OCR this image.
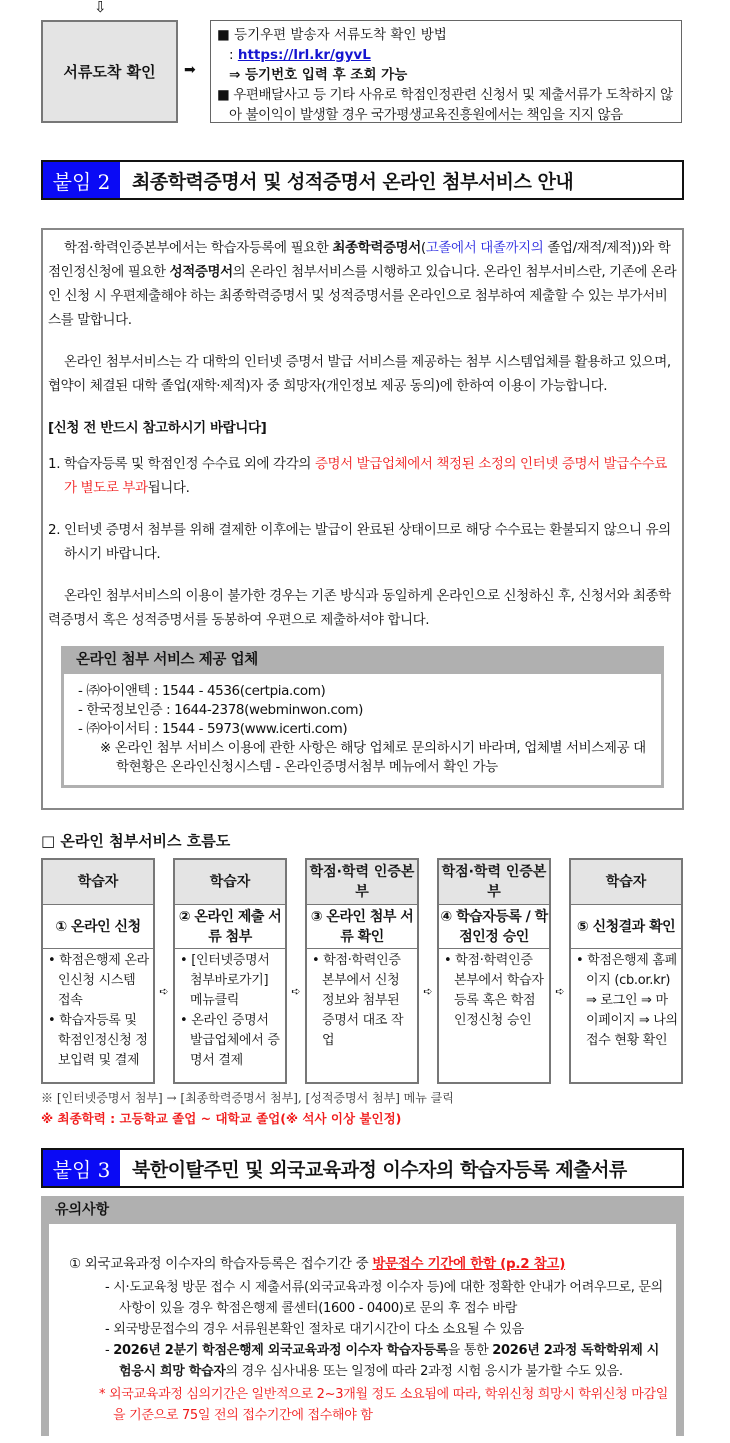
⇩
서류도착 확인	➡
■ 등기우편 발송자 서류도착 확인 방법
: https://lrl.kr/gyvL
⇒ 등기번호 입력 후 조회 가능
■ 우편배달사고 등 기타 사유로 학점인정관련 신청서 및 제출서류가 도착하지 않아 불이익이 발생할 경우 국가평생교육진흥원에서는 책임을 지지 않음
붙임 2	최종학력증명서 및 성적증명서 온라인 첨부서비스 안내

학점·학력인증본부에서는 학습자등록에 필요한 최종학력증명서(고졸에서 대졸까지의 졸업/재적/제적))와 학점인정신청에 필요한 성적증명서의 온라인 첨부서비스를 시행하고 있습니다. 온라인 첨부서비스란, 기존에 온라인 신청 시 우편제출해야 하는 최종학력증명서 및 성적증명서를 온라인으로 첨부하여 제출할 수 있는 부가서비스를 말합니다.

온라인 첨부서비스는 각 대학의 인터넷 증명서 발급 서비스를 제공하는 첨부 시스템업체를 활용하고 있으며, 협약이 체결된 대학 졸업(재학·제적)자 중 희망자(개인정보 제공 동의)에 한하여 이용이 가능합니다.

[신청 전 반드시 참고하시기 바랍니다]

1. 학습자등록 및 학점인정 수수료 외에 각각의 증명서 발급업체에서 책정된 소정의 인터넷 증명서 발급수수료가 별도로 부과됩니다.

2. 인터넷 증명서 첨부를 위해 결제한 이후에는 발급이 완료된 상태이므로 해당 수수료는 환불되지 않으니 유의하시기 바랍니다.

온라인 첨부서비스의 이용이 불가한 경우는 기존 방식과 동일하게 온라인으로 신청하신 후, 신청서와 최종학력증명서 혹은 성적증명서를 동봉하여 우편으로 제출하셔야 합니다.

온라인 첨부 서비스 제공 업체
- ㈜아이앤텍 : 1544 - 4536(certpia.com)
- 한국정보인증 : 1644-2378(webminwon.com)
- ㈜아이서티 : 1544 - 5973(www.icerti.com)
※ 온라인 첨부 서비스 이용에 관한 사항은 해당 업체로 문의하시기 바라며, 업체별 서비스제공 대학현황은 온라인신청시스템 - 온라인증명서첨부 메뉴에서 확인 가능
□ 온라인 첨부서비스 흐름도
학습자
① 온라인 신청
• 학점은행제 온라인신청 시스템 접속
• 학습자등록 및 학점인정신청 정보입력 및 결제
➪
학습자
② 온라인 제출 서류 첨부
• [인터넷증명서 첨부바로가기] 메뉴클릭
• 온라인 증명서 발급업체에서 증명서 결제
➪
학점·학력 인증본부
③ 온라인 첨부 서류 확인
• 학점·학력인증 본부에서 신청 정보와 첨부된 증명서 대조 작업
➪
학점·학력 인증본부
④ 학습자등록 / 학점인정 승인
• 학점·학력인증 본부에서 학습자등록 혹은 학점인정신청 승인
➪
학습자
⑤ 신청결과 확인
• 학점은행제 홈페이지 (cb.or.kr) ⇒ 로그인 ⇒ 마이페이지 ⇒ 나의접수 현황 확인
※ [인터넷증명서 첨부] → [최종학력증명서 첨부], [성적증명서 첨부] 메뉴 클릭
※ 최종학력 : 고등학교 졸업 ~ 대학교 졸업(※ 석사 이상 불인정)
붙임 3	북한이탈주민 및 외국교육과정 이수자의 학습자등록 제출서류
유의사항
① 외국교육과정 이수자의 학습자등록은 접수기간 중 방문접수 기간에 한함 (p.2 참고)
- 시·도교육청 방문 접수 시 제출서류(외국교육과정 이수자 등)에 대한 정확한 안내가 어려우므로, 문의사항이 있을 경우 학점은행제 콜센터(1600 - 0400)로 문의 후 접수 바람
- 외국방문접수의 경우 서류원본확인 절차로 대기시간이 다소 소요될 수 있음
- 2026년 2분기 학점은행제 외국교육과정 이수자 학습자등록을 통한 2026년 2과정 독학학위제 시험응시 희망 학습자의 경우 심사내용 또는 일정에 따라 2과정 시험 응시가 불가할 수도 있음.
* 외국교육과정 심의기간은 일반적으로 2~3개월 정도 소요됨에 따라, 학위신청 희망시 학위신청 마감일을 기준으로 75일 전의 접수기간에 접수해야 함
